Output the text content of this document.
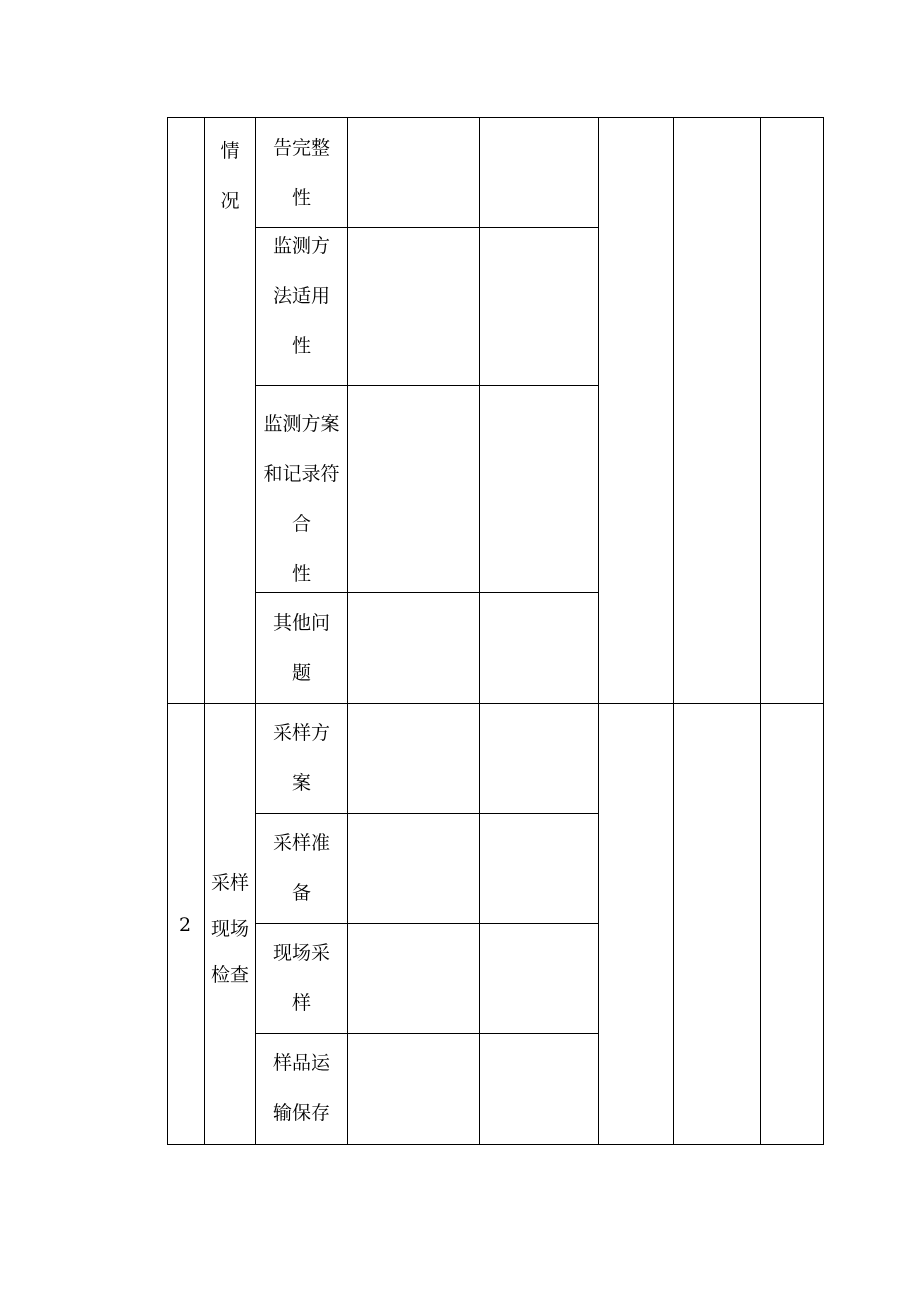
情
况
告完整
性
监测方
法适用
性
监测方案
和记录符
合
性
其他问
题
2
采样
现场
检查
采样方
案
采样准
备
现场采
样
样品运
输保存
